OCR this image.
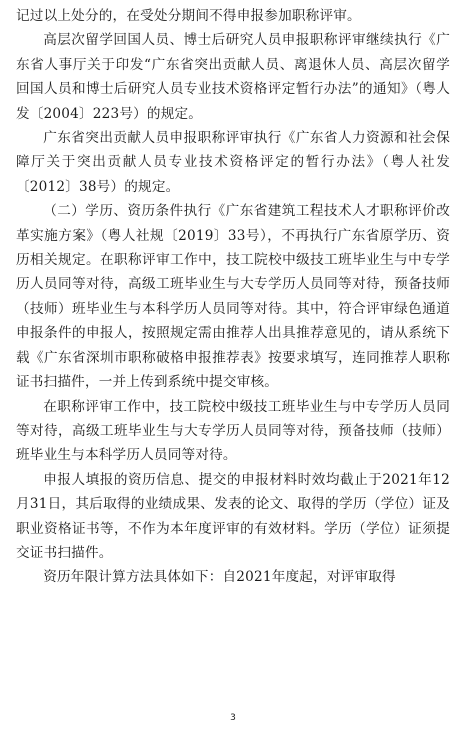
记过以上处分的，在受处分期间不得申报参加职称评审。

高层次留学回国人员、博士后研究人员申报职称评审继续执行《广东省人事厅关于印发“广东省突出贡献人员、离退休人员、高层次留学回国人员和博士后研究人员专业技术资格评定暂行办法”的通知》（粤人发〔2004〕223号）的规定。

广东省突出贡献人员申报职称评审执行《广东省人力资源和社会保障厅关于突出贡献人员专业技术资格评定的暂行办法》（粤人社发〔2012〕38号）的规定。

（二）学历、资历条件执行《广东省建筑工程技术人才职称评价改革实施方案》（粤人社规〔2019〕33号），不再执行广东省原学历、资历相关规定。在职称评审工作中，技工院校中级技工班毕业生与中专学历人员同等对待，高级工班毕业生与大专学历人员同等对待，预备技师（技师）班毕业生与本科学历人员同等对待。其中，符合评审绿色通道申报条件的申报人，按照规定需由推荐人出具推荐意见的，请从系统下载《广东省深圳市职称破格申报推荐表》按要求填写，连同推荐人职称证书扫描件，一并上传到系统中提交审核。

在职称评审工作中，技工院校中级技工班毕业生与中专学历人员同等对待，高级工班毕业生与大专学历人员同等对待，预备技师（技师）班毕业生与本科学历人员同等对待。

申报人填报的资历信息、提交的申报材料时效均截止于2021年12月31日，其后取得的业绩成果、发表的论文、取得的学历（学位）证及职业资格证书等，不作为本年度评审的有效材料。学历（学位）证须提交证书扫描件。

资历年限计算方法具体如下：自2021年度起，对评审取得

3
